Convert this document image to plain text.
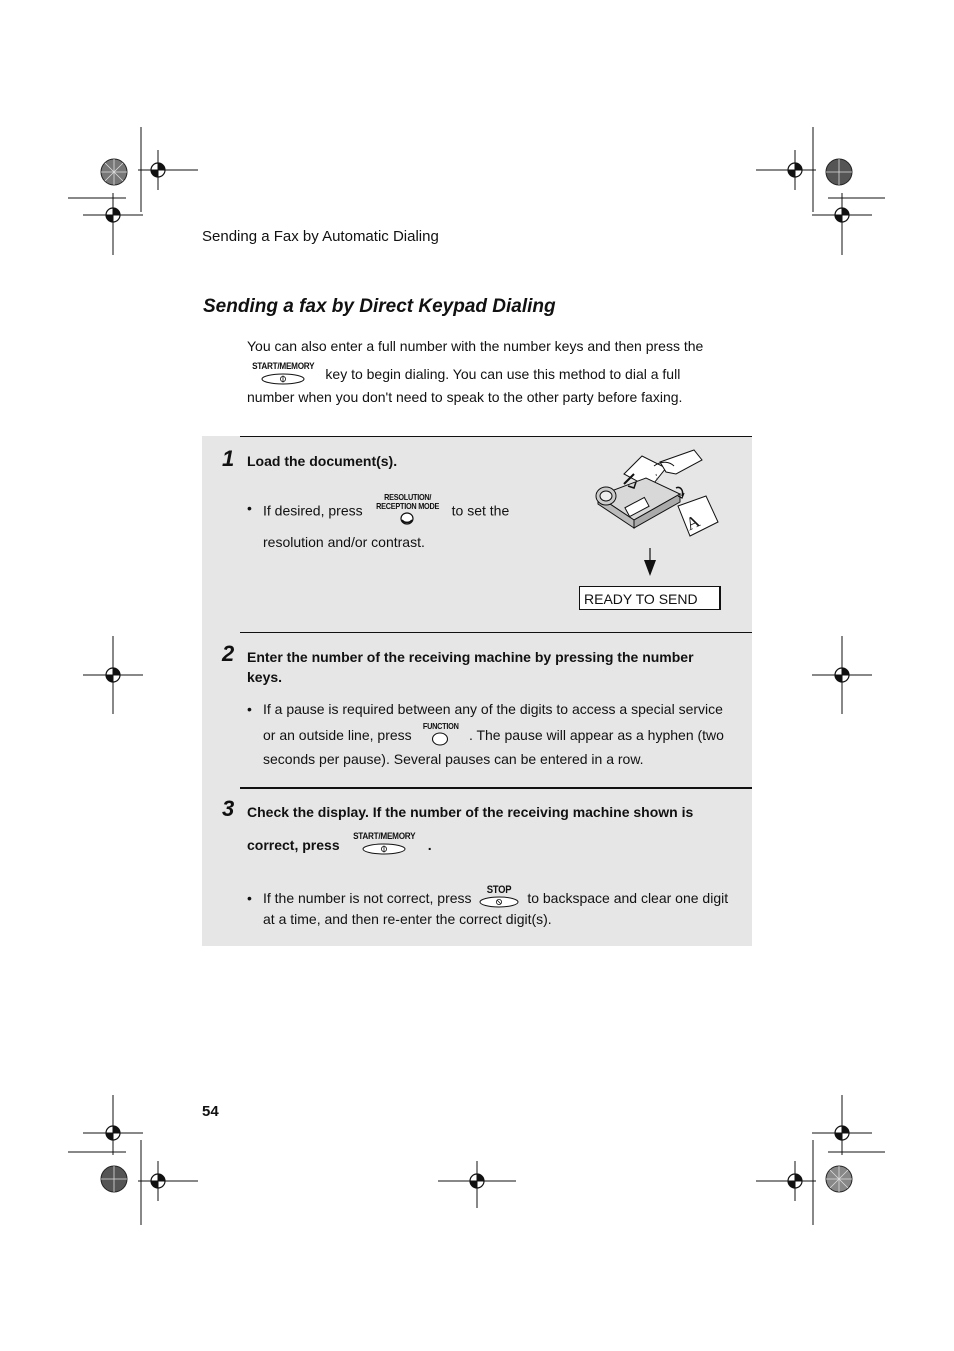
Sending a Fax by Automatic Dialing
Sending a fax by Direct Keypad Dialing
You can also enter a full number with the number keys and then press the
START/MEMORY key to begin dialing. You can use this method to dial a full
number when you don't need to speak to the other party before faxing.
1 Load the document(s).
• If desired, press
RESOLUTION/
RECEPTION MODE to set the
resolution and/or contrast.
A
READY TO SEND
2 Enter the number of the receiving machine by pressing the number
keys.
• If a pause is required between any of the digits to access a special service
or an outside line, press
FUNCTION
. The pause will appear as a hyphen (two
seconds per pause). Several pauses can be entered in a row.
3 Check the display. If the number of the receiving machine shown is
correct, press
START/MEMORY
.
• If the number is not correct, press
STOP
to backspace and clear one digit
at a time, and then re-enter the correct digit(s).
54
